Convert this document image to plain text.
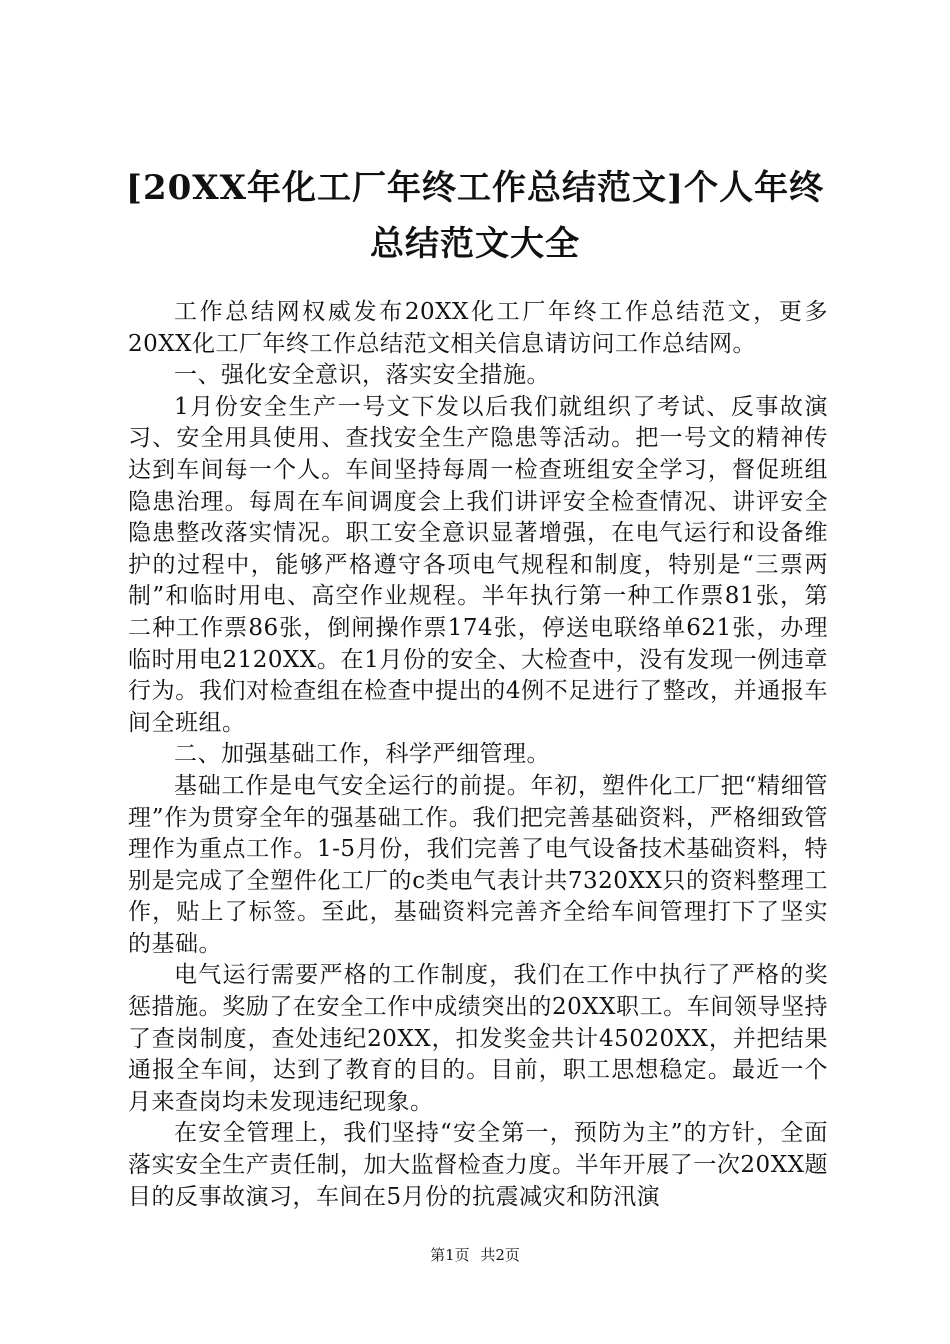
[20XX年化工厂年终工作总结范文]个人年终总结范文大全

工作总结网权威发布20XX化工厂年终工作总结范文，更多20XX化工厂年终工作总结范文相关信息请访问工作总结网。

一、强化安全意识，落实安全措施。

1月份安全生产一号文下发以后我们就组织了考试、反事故演习、安全用具使用、查找安全生产隐患等活动。把一号文的精神传达到车间每一个人。车间坚持每周一检查班组安全学习，督促班组隐患治理。每周在车间调度会上我们讲评安全检查情况、讲评安全隐患整改落实情况。职工安全意识显著增强，在电气运行和设备维护的过程中，能够严格遵守各项电气规程和制度，特别是“三票两制”和临时用电、高空作业规程。半年执行第一种工作票81张，第二种工作票86张，倒闸操作票174张，停送电联络单621张，办理临时用电2120XX。在1月份的安全、大检查中，没有发现一例违章行为。我们对检查组在检查中提出的4例不足进行了整改，并通报车间全班组。

二、加强基础工作，科学严细管理。

基础工作是电气安全运行的前提。年初，塑件化工厂把“精细管理”作为贯穿全年的强基础工作。我们把完善基础资料，严格细致管理作为重点工作。1-5月份，我们完善了电气设备技术基础资料，特别是完成了全塑件化工厂的c类电气表计共7320XX只的资料整理工作，贴上了标签。至此，基础资料完善齐全给车间管理打下了坚实的基础。

电气运行需要严格的工作制度，我们在工作中执行了严格的奖惩措施。奖励了在安全工作中成绩突出的20XX职工。车间领导坚持了查岗制度，查处违纪20XX，扣发奖金共计45020XX，并把结果通报全车间，达到了教育的目的。目前，职工思想稳定。最近一个月来查岗均未发现违纪现象。

在安全管理上，我们坚持“安全第一，预防为主”的方针，全面落实安全生产责任制，加大监督检查力度。半年开展了一次20XX题目的反事故演习，车间在5月份的抗震减灾和防汛演

第1页 共2页
